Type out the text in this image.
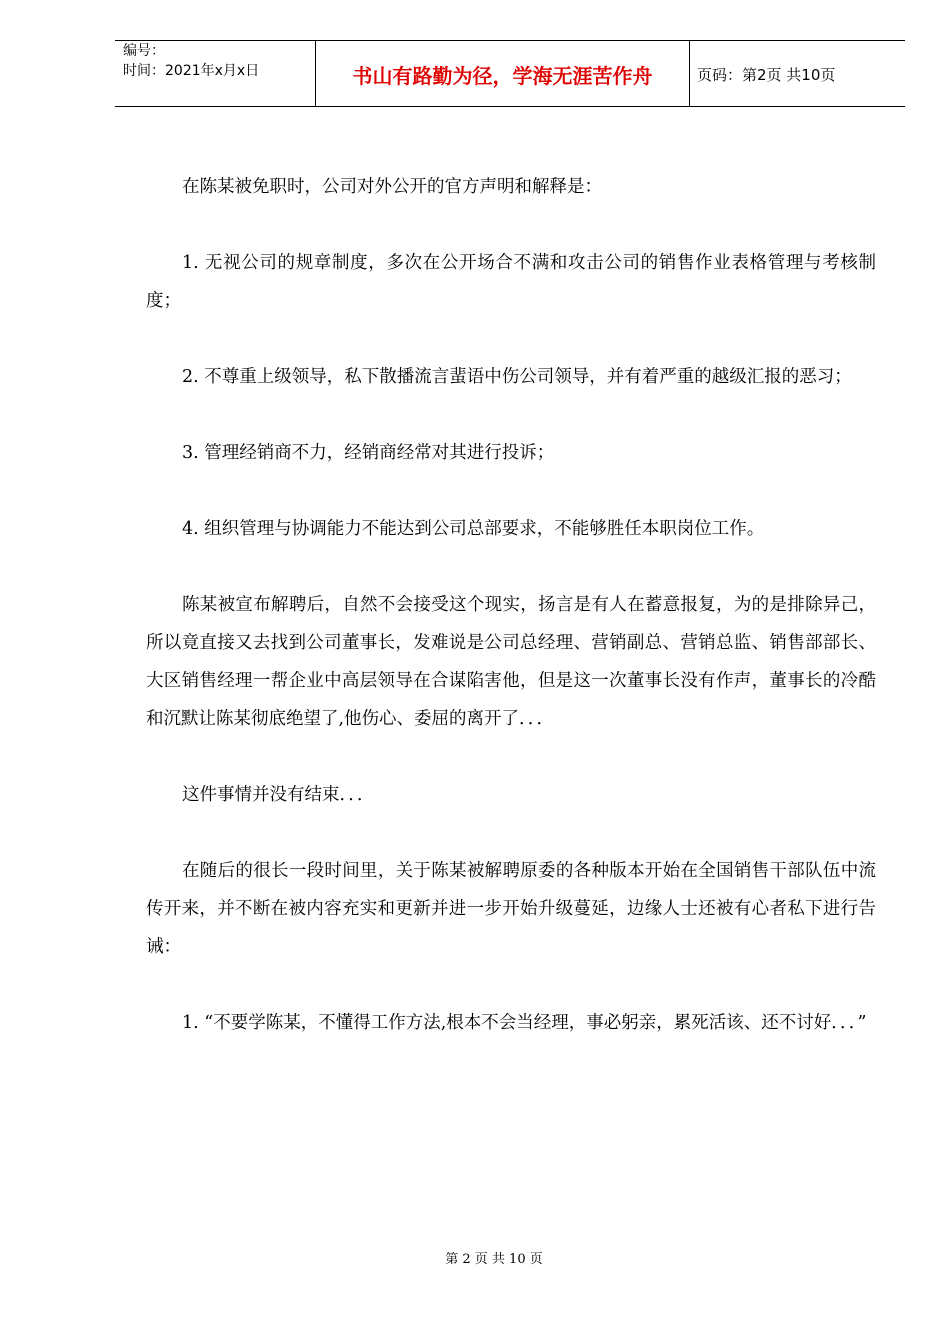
编号：
时间：2021年x月x日	书山有路勤为径，学海无涯苦作舟	页码：第2页 共10页

在陈某被免职时，公司对外公开的官方声明和解释是：

1. 无视公司的规章制度，多次在公开场合不满和攻击公司的销售作业表格管理与考核制度；

2. 不尊重上级领导，私下散播流言蜚语中伤公司领导，并有着严重的越级汇报的恶习；

3. 管理经销商不力，经销商经常对其进行投诉；

4. 组织管理与协调能力不能达到公司总部要求，不能够胜任本职岗位工作。

陈某被宣布解聘后，自然不会接受这个现实，扬言是有人在蓄意报复，为的是排除异己，所以竟直接又去找到公司董事长，发难说是公司总经理、营销副总、营销总监、销售部部长、大区销售经理一帮企业中高层领导在合谋陷害他，但是这一次董事长没有作声，董事长的冷酷和沉默让陈某彻底绝望了,他伤心、委屈的离开了．．．

这件事情并没有结束．．．

在随后的很长一段时间里，关于陈某被解聘原委的各种版本开始在全国销售干部队伍中流传开来，并不断在被内容充实和更新并进一步开始升级蔓延，边缘人士还被有心者私下进行告诫：

1. “不要学陈某，不懂得工作方法,根本不会当经理，事必躬亲，累死活该、还不讨好．．．”

第 2 页 共 10 页
